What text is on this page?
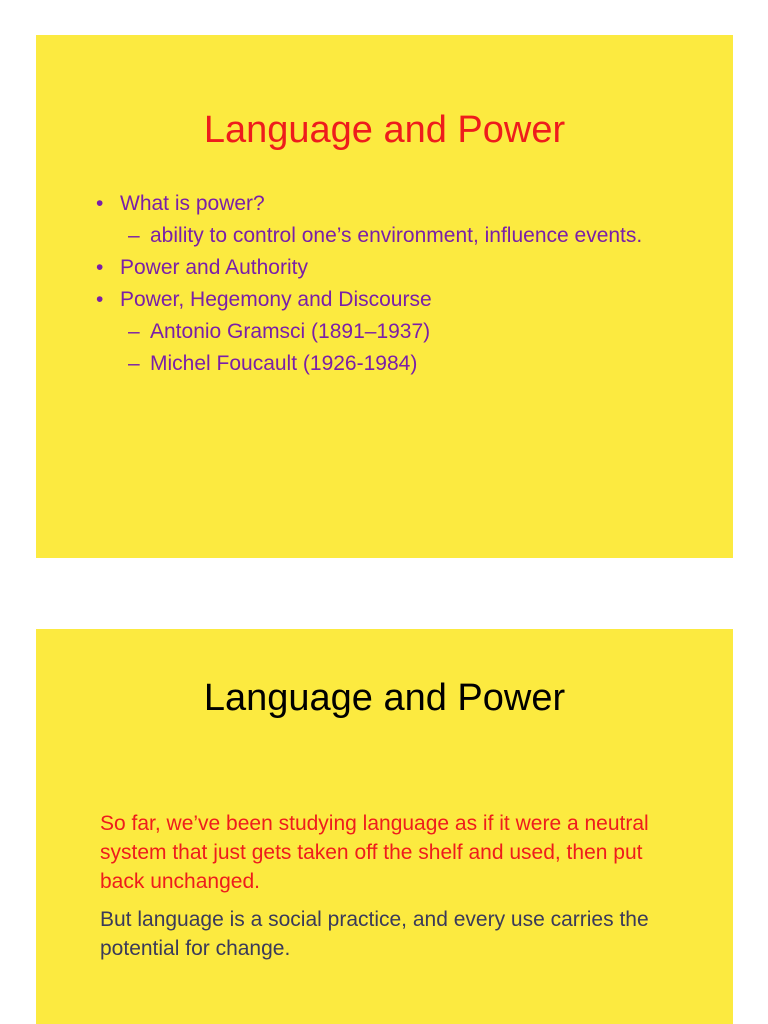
Language and Power
• What is power?
– ability to control one’s environment, influence events.
• Power and Authority
• Power, Hegemony and Discourse
– Antonio Gramsci (1891–1937)
– Michel Foucault (1926-1984)
Language and Power

So far, we’ve been studying language as if it were a neutral system that just gets taken off the shelf and used, then put back unchanged.

But language is a social practice, and every use carries the potential for change.
